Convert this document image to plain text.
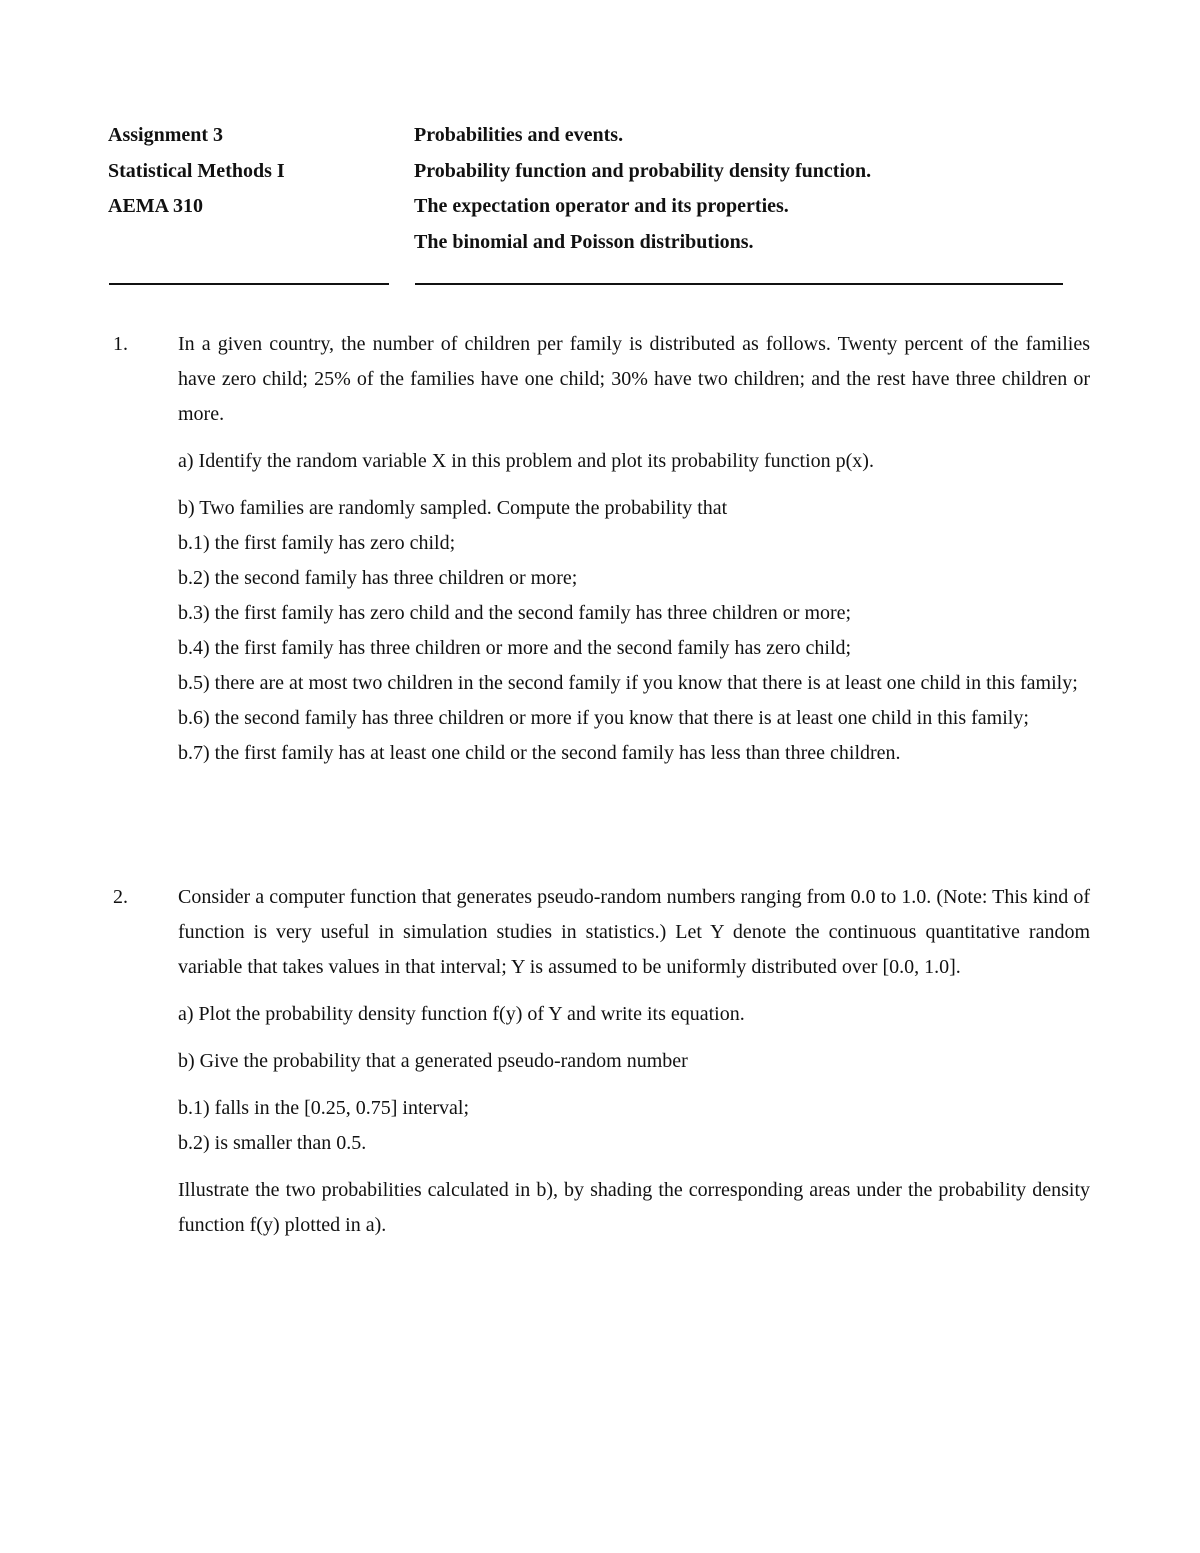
Assignment 3
Statistical Methods I
AEMA 310
Probabilities and events.
Probability function and probability density function.
The expectation operator and its properties.
The binomial and Poisson distributions.
1.	In a given country, the number of children per family is distributed as follows. Twenty percent of the families have zero child; 25% of the families have one child; 30% have two children; and the rest have three children or more.

a) Identify the random variable X in this problem and plot its probability function p(x).

b) Two families are randomly sampled. Compute the probability that

b.1) the first family has zero child;

b.2) the second family has three children or more;

b.3) the first family has zero child and the second family has three children or more;

b.4) the first family has three children or more and the second family has zero child;

b.5) there are at most two children in the second family if you know that there is at least one child in this family;

b.6) the second family has three children or more if you know that there is at least one child in this family;

b.7) the first family has at least one child or the second family has less than three children.

2.	Consider a computer function that generates pseudo-random numbers ranging from 0.0 to 1.0. (Note: This kind of function is very useful in simulation studies in statistics.) Let Y denote the continuous quantitative random variable that takes values in that interval; Y is assumed to be uniformly distributed over [0.0, 1.0].

a) Plot the probability density function f(y) of Y and write its equation.

b) Give the probability that a generated pseudo-random number

b.1) falls in the [0.25, 0.75] interval;

b.2) is smaller than 0.5.

Illustrate the two probabilities calculated in b), by shading the corresponding areas under the probability density function f(y) plotted in a).
